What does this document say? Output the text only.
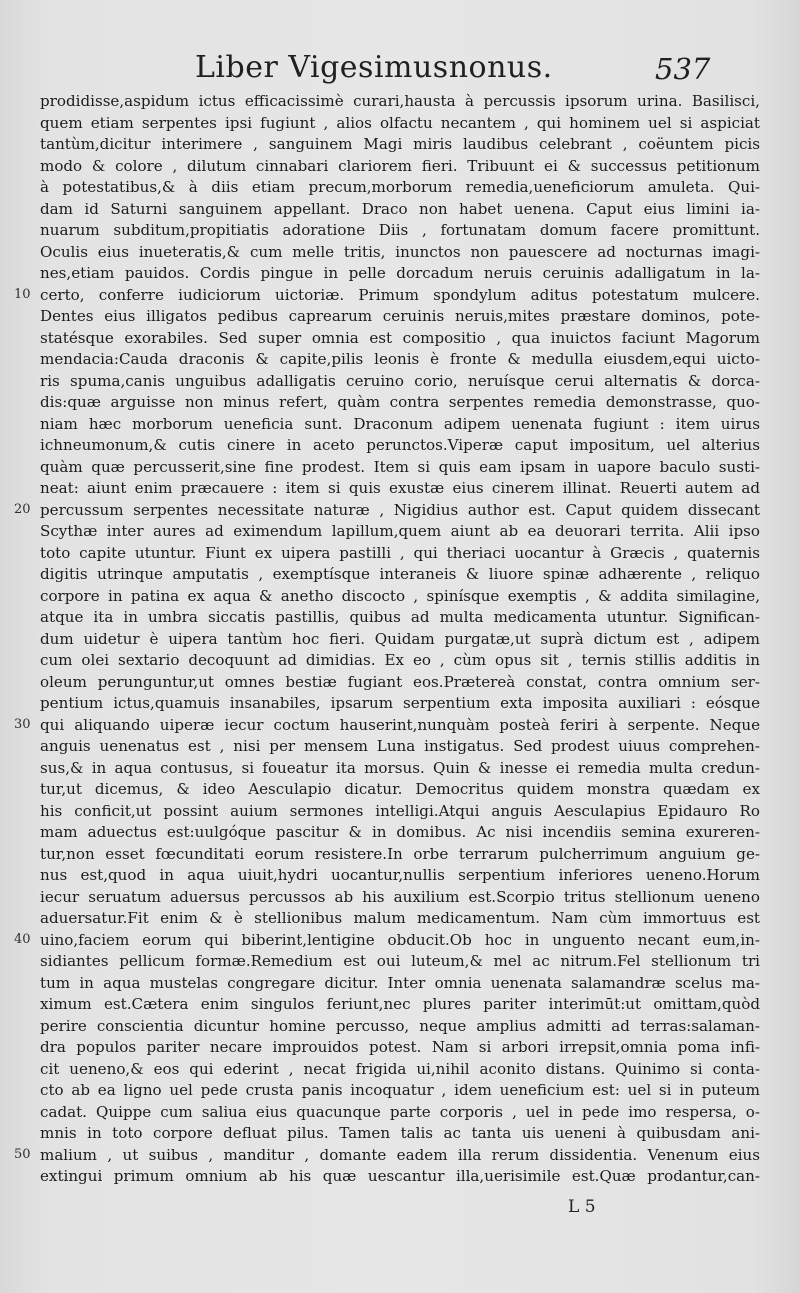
Liber Vigesimusnonus.	537
10
20
30
40
50
prodidisse,aspidum ictus efficacissimè curari,hausta à percussis ipsorum urina. Basilisci,
quem etiam serpentes ipsi fugiunt , alios olfactu necantem , qui hominem uel si aspiciat
tantùm,dicitur interimere , sanguinem Magi miris laudibus celebrant , coëuntem picis
modo & colore , dilutum cinnabari clariorem fieri. Tribuunt ei & successus petitionum
à potestatibus,& à diis etiam precum,morborum remedia,ueneficiorum amuleta. Qui-
dam id Saturni sanguinem appellant. Draco non habet uenena. Caput eius limini ia-
nuarum subditum,propitiatis adoratione Diis , fortunatam domum facere promittunt.
Oculis eius inueteratis,& cum melle tritis, inunctos non pauescere ad nocturnas imagi-
nes,etiam pauidos. Cordis pingue in pelle dorcadum neruis ceruinis adalligatum in la-
certo, conferre iudiciorum uictoriæ. Primum spondylum aditus potestatum mulcere.
Dentes eius illigatos pedibus caprearum ceruinis neruis,mites præstare dominos, pote-
statésque exorabiles. Sed super omnia est compositio , qua inuictos faciunt Magorum
mendacia:Cauda draconis & capite,pilis leonis è fronte & medulla eiusdem,equi uicto-
ris spuma,canis unguibus adalligatis ceruino corio, neruísque cerui alternatis & dorca-
dis:quæ arguisse non minus refert, quàm contra serpentes remedia demonstrasse, quo-
niam hæc morborum ueneficia sunt. Draconum adipem uenenata fugiunt : item uirus
ichneumonum,& cutis cinere in aceto perunctos.Viperæ caput impositum, uel alterius
quàm quæ percusserit,sine fine prodest. Item si quis eam ipsam in uapore baculo susti-
neat: aiunt enim præcauere : item si quis exustæ eius cinerem illinat. Reuerti autem ad
percussum serpentes necessitate naturæ , Nigidius author est. Caput quidem dissecant
Scythæ inter aures ad eximendum lapillum,quem aiunt ab ea deuorari territa. Alii ipso
toto capite utuntur. Fiunt ex uipera pastilli , qui theriaci uocantur à Græcis , quaternis
digitis utrinque amputatis , exemptísque interaneis & liuore spinæ adhærente , reliquo
corpore in patina ex aqua & anetho discocto , spinísque exemptis , & addita similagine,
atque ita in umbra siccatis pastillis, quibus ad multa medicamenta utuntur. Significan-
dum uidetur è uipera tantùm hoc fieri. Quidam purgatæ,ut suprà dictum est , adipem
cum olei sextario decoquunt ad dimidias. Ex eo , cùm opus sit , ternis stillis additis in
oleum perunguntur,ut omnes bestiæ fugiant eos.Prætereà constat, contra omnium ser-
pentium ictus,quamuis insanabiles, ipsarum serpentium exta imposita auxiliari : eósque
qui aliquando uiperæ iecur coctum hauserint,nunquàm posteà feriri à serpente. Neque
anguis uenenatus est , nisi per mensem Luna instigatus. Sed prodest uiuus comprehen-
sus,& in aqua contusus, si foueatur ita morsus. Quin & inesse ei remedia multa credun-
tur,ut dicemus, & ideo Aesculapio dicatur. Democritus quidem monstra quædam ex
his conficit,ut possint auium sermones intelligi.Atqui anguis Aesculapius Epidauro Ro
mam aduectus est:uulgóque pascitur & in domibus. Ac nisi incendiis semina exureren-
tur,non esset fœcunditati eorum resistere.In orbe terrarum pulcherrimum anguium ge-
nus est,quod in aqua uiuit,hydri uocantur,nullis serpentium inferiores ueneno.Horum
iecur seruatum aduersus percussos ab his auxilium est.Scorpio tritus stellionum ueneno
aduersatur.Fit enim & è stellionibus malum medicamentum. Nam cùm immortuus est
uino,faciem eorum qui biberint,lentigine obducit.Ob hoc in unguento necant eum,in-
sidiantes pellicum formæ.Remedium est oui luteum,& mel ac nitrum.Fel stellionum tri
tum in aqua mustelas congregare dicitur. Inter omnia uenenata salamandræ scelus ma-
ximum est.Cætera enim singulos feriunt,nec plures pariter interimūt:ut omittam,quòd
perire conscientia dicuntur homine percusso, neque amplius admitti ad terras:salaman-
dra populos pariter necare improuidos potest. Nam si arbori irrepsit,omnia poma infi-
cit ueneno,& eos qui ederint , necat frigida ui,nihil aconito distans. Quinimo si conta-
cto ab ea ligno uel pede crusta panis incoquatur , idem ueneficium est: uel si in puteum
cadat. Quippe cum saliua eius quacunque parte corporis , uel in pede imo respersa, o-
mnis in toto corpore defluat pilus. Tamen talis ac tanta uis ueneni à quibusdam ani-
malium , ut suibus , manditur , domante eadem illa rerum dissidentia. Venenum eius
extingui primum omnium ab his quæ uescantur illa,uerisimile est.Quæ prodantur,can-
L 5
